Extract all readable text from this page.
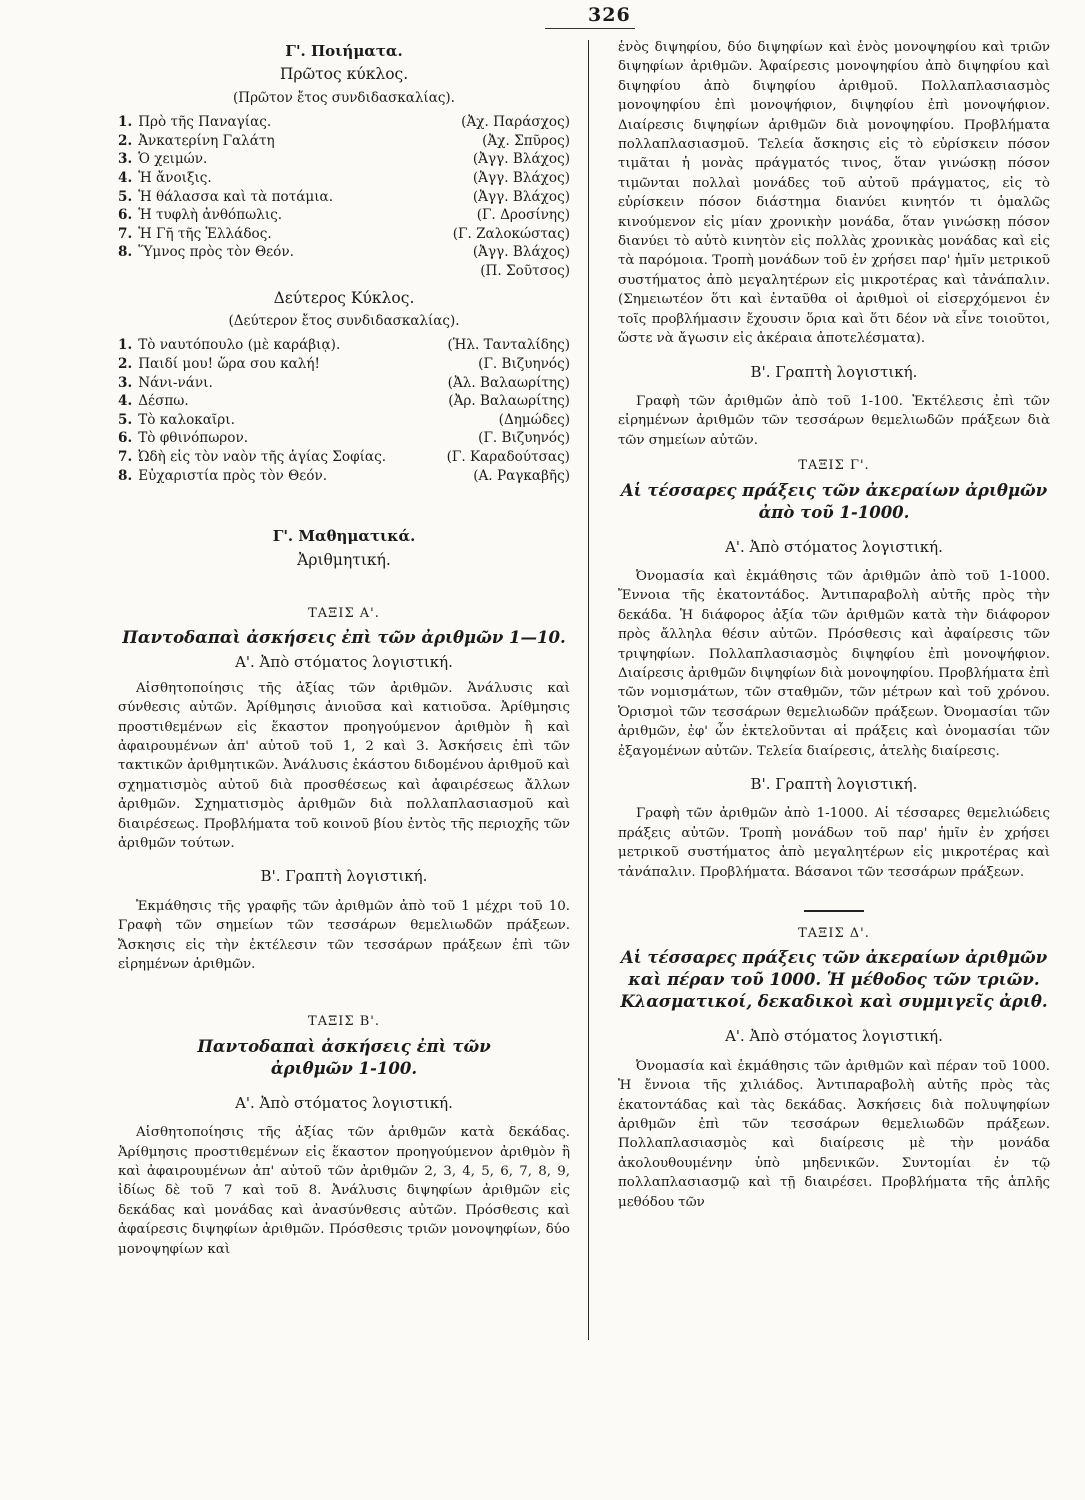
326
Γ'. Ποιήματα.
Πρῶτος κύκλος.
(Πρῶτον ἔτος συνδιδασκαλίας).
1. Πρὸ τῆς Παναγίας.	(Ἀχ. Παράσχος)
2. Ἀνκατερίνη Γαλάτη	(Ἀχ. Σπῦρος)
3. Ὁ χειμών.	(Ἀγγ. Βλάχος)
4. Ἡ ἄνοιξις.	(Ἀγγ. Βλάχος)
5. Ἡ θάλασσα καὶ τὰ ποτάμια.	(Ἀγγ. Βλάχος)
6. Ἡ τυφλὴ ἀνθόπωλις.	(Γ. Δροσίνης)
7. Ἡ Γῆ τῆς Ἑλλάδος.	(Γ. Ζαλοκώστας)
8. Ὕμνος πρὸς τὸν Θεόν.	(Ἀγγ. Βλάχος)
(Π. Σοῦτσος)
Δεύτερος Κύκλος.
(Δεύτερον ἔτος συνδιδασκαλίας).
1. Τὸ ναυτόπουλο (μὲ καράβιᾳ).	(Ἡλ. Τανταλίδης)
2. Παιδί μου! ὥρα σου καλή!	(Γ. Βιζυηνός)
3. Νάνι-νάνι.	(Ἀλ. Βαλαωρίτης)
4. Δέσπω.	(Ἀρ. Βαλαωρίτης)
5. Τὸ καλοκαῖρι.	(Δημώδες)
6. Τὸ φθινόπωρον.	(Γ. Βιζυηνός)
7. Ὠδὴ εἰς τὸν ναὸν τῆς ἁγίας Σοφίας.	(Γ. Καραδούτσας)
8. Εὐχαριστία πρὸς τὸν Θεόν.	(Α. Ραγκαβῆς)
Γ'. Μαθηματικά.
Ἀριθμητική.
ΤΑΞΙΣ Α'.
Παντοδαπαὶ ἀσκήσεις ἐπὶ τῶν ἀριθμῶν 1—10.
Α'. Ἀπὸ στόματος λογιστική.

Αἰσθητοποίησις τῆς ἀξίας τῶν ἀριθμῶν. Ἀνάλυσις καὶ σύνθεσις αὐτῶν. Ἀρίθμησις ἀνιοῦσα καὶ κατιοῦσα. Ἀρίθμησις προστιθεμένων εἰς ἕκαστον προηγούμενον ἀριθμὸν ἢ καὶ ἀφαιρουμένων ἀπ' αὐτοῦ τοῦ 1, 2 καὶ 3. Ἀσκήσεις ἐπὶ τῶν τακτικῶν ἀριθμητικῶν. Ἀνάλυσις ἑκάστου διδομένου ἀριθμοῦ καὶ σχηματισμὸς αὐτοῦ διὰ προσθέσεως καὶ ἀφαιρέσεως ἄλλων ἀριθμῶν. Σχηματισμὸς ἀριθμῶν διὰ πολλαπλασιασμοῦ καὶ διαιρέσεως. Προβλήματα τοῦ κοινοῦ βίου ἐντὸς τῆς περιοχῆς τῶν ἀριθμῶν τούτων.

Β'. Γραπτὴ λογιστική.

Ἐκμάθησις τῆς γραφῆς τῶν ἀριθμῶν ἀπὸ τοῦ 1 μέχρι τοῦ 10. Γραφὴ τῶν σημείων τῶν τεσσάρων θεμελιωδῶν πράξεων. Ἄσκησις εἰς τὴν ἐκτέλεσιν τῶν τεσσάρων πράξεων ἐπὶ τῶν εἰρημένων ἀριθμῶν.

ΤΑΞΙΣ Β'.
Παντοδαπαὶ ἀσκήσεις ἐπὶ τῶν ἀριθμῶν 1-100.
Α'. Ἀπὸ στόματος λογιστική.

Αἰσθητοποίησις τῆς ἀξίας τῶν ἀριθμῶν κατὰ δεκάδας. Ἀρίθμησις προστιθεμένων εἰς ἕκαστον προηγούμενον ἀριθμὸν ἢ καὶ ἀφαιρουμένων ἀπ' αὐτοῦ τῶν ἀριθμῶν 2, 3, 4, 5, 6, 7, 8, 9, ἰδίως δὲ τοῦ 7 καὶ τοῦ 8. Ἀνάλυσις διψηφίων ἀριθμῶν εἰς δεκάδας καὶ μονάδας καὶ ἀνασύνθεσις αὐτῶν. Πρόσθεσις καὶ ἀφαίρεσις διψηφίων ἀριθμῶν. Πρόσθεσις τριῶν μονοψηφίων, δύο μονοψηφίων καὶ

ἑνὸς διψηφίου, δύο διψηφίων καὶ ἑνὸς μονοψηφίου καὶ τριῶν διψηφίων ἀριθμῶν. Ἀφαίρεσις μονοψηφίου ἀπὸ διψηφίου καὶ διψηφίου ἀπὸ διψηφίου ἀριθμοῦ. Πολλαπλασιασμὸς μονοψηφίου ἐπὶ μονοψήφιον, διψηφίου ἐπὶ μονοψήφιον. Διαίρεσις διψηφίων ἀριθμῶν διὰ μονοψηφίου. Προβλήματα πολλαπλασιασμοῦ. Τελεία ἄσκησις εἰς τὸ εὑρίσκειν πόσον τιμᾶται ἡ μονὰς πράγματός τινος, ὅταν γινώσκῃ πόσον τιμῶνται πολλαὶ μονάδες τοῦ αὐτοῦ πράγματος, εἰς τὸ εὑρίσκειν πόσον διάστημα διανύει κινητόν τι ὁμαλῶς κινούμενον εἰς μίαν χρονικὴν μονάδα, ὅταν γινώσκῃ πόσον διανύει τὸ αὐτὸ κινητὸν εἰς πολλὰς χρονικὰς μονάδας καὶ εἰς τὰ παρόμοια. Τροπὴ μονάδων τοῦ ἐν χρήσει παρ' ἡμῖν μετρικοῦ συστήματος ἀπὸ μεγαλητέρων εἰς μικροτέρας καὶ τἀνάπαλιν. (Σημειωτέον ὅτι καὶ ἐνταῦθα οἱ ἀριθμοὶ οἱ εἰσερχόμενοι ἐν τοῖς προβλήμασιν ἔχουσιν ὅρια καὶ ὅτι δέον νὰ εἶνε τοιοῦτοι, ὥστε νὰ ἄγωσιν εἰς ἀκέραια ἀποτελέσματα).

Β'. Γραπτὴ λογιστική.

Γραφὴ τῶν ἀριθμῶν ἀπὸ τοῦ 1-100. Ἐκτέλεσις ἐπὶ τῶν εἰρημένων ἀριθμῶν τῶν τεσσάρων θεμελιωδῶν πράξεων διὰ τῶν σημείων αὐτῶν.

ΤΑΞΙΣ Γ'.
Αἱ τέσσαρες πράξεις τῶν ἀκεραίων ἀριθμῶν ἀπὸ τοῦ 1-1000.
Α'. Ἀπὸ στόματος λογιστική.

Ὀνομασία καὶ ἐκμάθησις τῶν ἀριθμῶν ἀπὸ τοῦ 1-1000. Ἔννοια τῆς ἑκατοντάδος. Ἀντιπαραβολὴ αὐτῆς πρὸς τὴν δεκάδα. Ἡ διάφορος ἀξία τῶν ἀριθμῶν κατὰ τὴν διάφορον πρὸς ἄλληλα θέσιν αὐτῶν. Πρόσθεσις καὶ ἀφαίρεσις τῶν τριψηφίων. Πολλαπλασιασμὸς διψηφίου ἐπὶ μονοψήφιον. Διαίρεσις ἀριθμῶν διψηφίων διὰ μονοψηφίου. Προβλήματα ἐπὶ τῶν νομισμάτων, τῶν σταθμῶν, τῶν μέτρων καὶ τοῦ χρόνου. Ὁρισμοὶ τῶν τεσσάρων θεμελιωδῶν πράξεων. Ὀνομασίαι τῶν ἀριθμῶν, ἐφ' ὧν ἐκτελοῦνται αἱ πράξεις καὶ ὀνομασίαι τῶν ἐξαγομένων αὐτῶν. Τελεία διαίρεσις, ἀτελὴς διαίρεσις.

Β'. Γραπτὴ λογιστική.

Γραφὴ τῶν ἀριθμῶν ἀπὸ 1-1000. Αἱ τέσσαρες θεμελιώδεις πράξεις αὐτῶν. Τροπὴ μονάδων τοῦ παρ' ἡμῖν ἐν χρήσει μετρικοῦ συστήματος ἀπὸ μεγαλητέρων εἰς μικροτέρας καὶ τἀνάπαλιν. Προβλήματα. Βάσανοι τῶν τεσσάρων πράξεων.

ΤΑΞΙΣ Δ'.
Αἱ τέσσαρες πράξεις τῶν ἀκεραίων ἀριθμῶν καὶ πέραν τοῦ 1000. Ἡ μέθοδος τῶν τριῶν. Κλασματικοί, δεκαδικοὶ καὶ συμμιγεῖς ἀριθ.
Α'. Ἀπὸ στόματος λογιστική.

Ὀνομασία καὶ ἐκμάθησις τῶν ἀριθμῶν καὶ πέραν τοῦ 1000. Ἡ ἔννοια τῆς χιλιάδος. Ἀντιπαραβολὴ αὐτῆς πρὸς τὰς ἑκατοντάδας καὶ τὰς δεκάδας. Ἀσκήσεις διὰ πολυψηφίων ἀριθμῶν ἐπὶ τῶν τεσσάρων θεμελιωδῶν πράξεων. Πολλαπλασιασμὸς καὶ διαίρεσις μὲ τὴν μονάδα ἀκολουθουμένην ὑπὸ μηδενικῶν. Συντομίαι ἐν τῷ πολλαπλασιασμῷ καὶ τῇ διαιρέσει. Προβλήματα τῆς ἁπλῆς μεθόδου τῶν
